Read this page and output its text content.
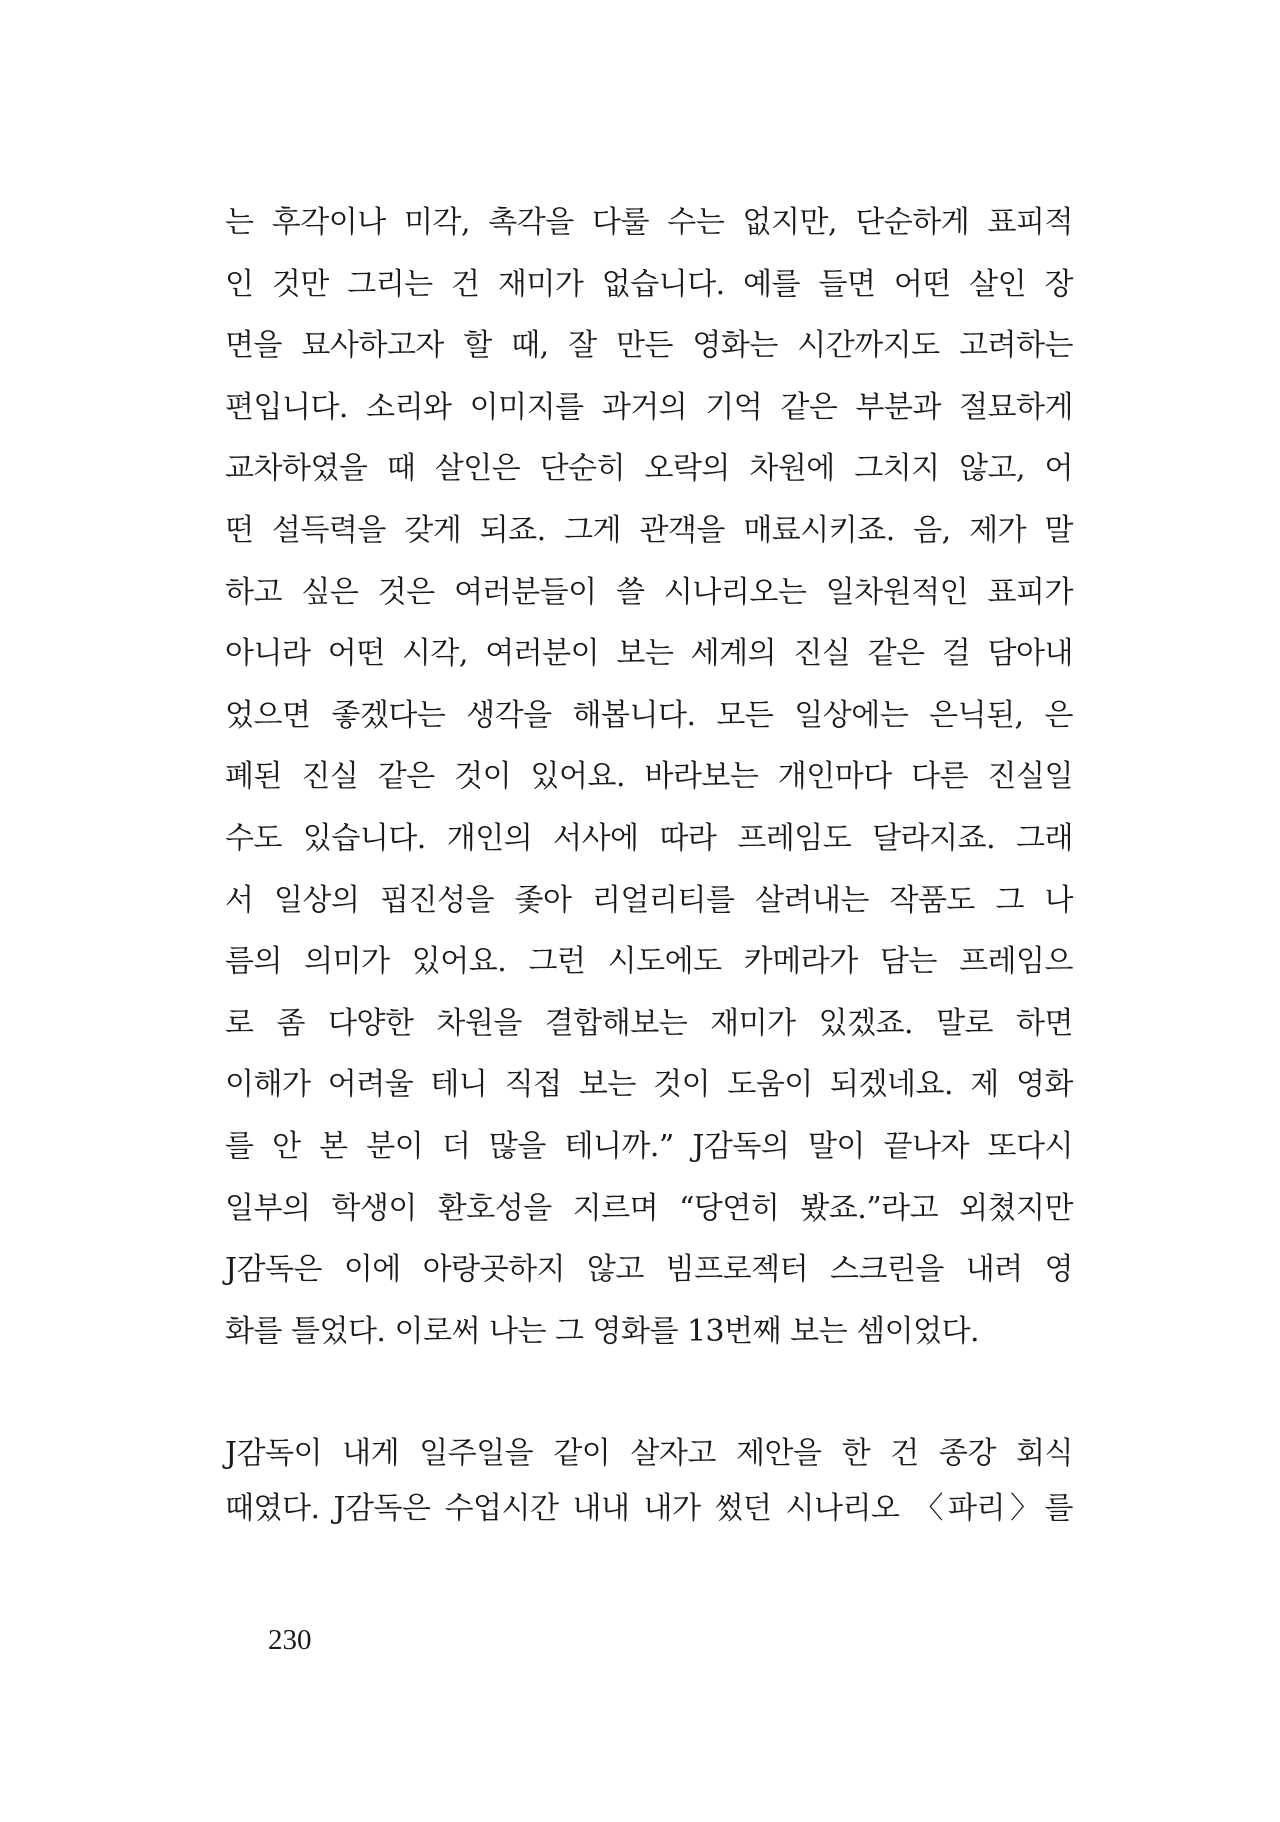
는 후각이나 미각, 촉각을 다룰 수는 없지만, 단순하게 표피적
인 것만 그리는 건 재미가 없습니다. 예를 들면 어떤 살인 장
면을 묘사하고자 할 때, 잘 만든 영화는 시간까지도 고려하는
편입니다. 소리와 이미지를 과거의 기억 같은 부분과 절묘하게
교차하였을 때 살인은 단순히 오락의 차원에 그치지 않고, 어
떤 설득력을 갖게 되죠. 그게 관객을 매료시키죠. 음, 제가 말
하고 싶은 것은 여러분들이 쓸 시나리오는 일차원적인 표피가
아니라 어떤 시각, 여러분이 보는 세계의 진실 같은 걸 담아내
었으면 좋겠다는 생각을 해봅니다. 모든 일상에는 은닉된, 은
폐된 진실 같은 것이 있어요. 바라보는 개인마다 다른 진실일
수도 있습니다. 개인의 서사에 따라 프레임도 달라지죠. 그래
서 일상의 핍진성을 좇아 리얼리티를 살려내는 작품도 그 나
름의 의미가 있어요. 그런 시도에도 카메라가 담는 프레임으
로 좀 다양한 차원을 결합해보는 재미가 있겠죠. 말로 하면
이해가 어려울 테니 직접 보는 것이 도움이 되겠네요. 제 영화
를 안 본 분이 더 많을 테니까.” J감독의 말이 끝나자 또다시
일부의 학생이 환호성을 지르며 “당연히 봤죠.”라고 외쳤지만
J감독은 이에 아랑곳하지 않고 빔프로젝터 스크린을 내려 영
화를 틀었다. 이로써 나는 그 영화를 13번째 보는 셈이었다.
J감독이 내게 일주일을 같이 살자고 제안을 한 건 종강 회식
때였다. J감독은 수업시간 내내 내가 썼던 시나리오 〈파리〉를
230
